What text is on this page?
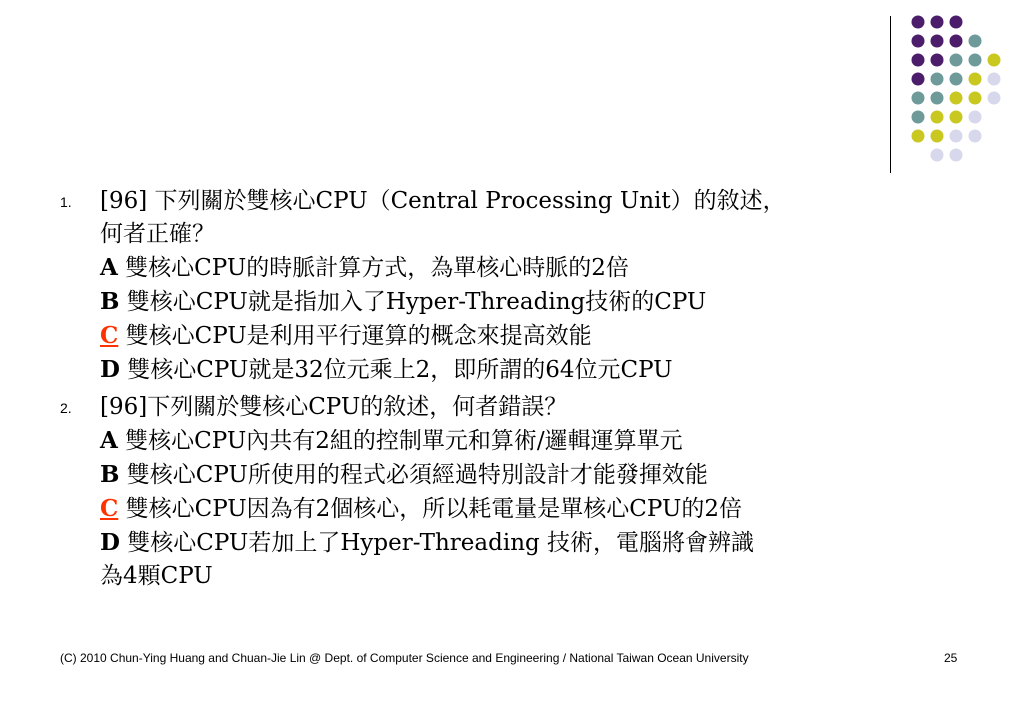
1.	[96] 下列關於雙核心CPU（Central Processing Unit）的敘述，
何者正確？
A 雙核心CPU的時脈計算方式，為單核心時脈的2倍
B 雙核心CPU就是指加入了Hyper-Threading技術的CPU
C 雙核心CPU是利用平行運算的概念來提高效能
D 雙核心CPU就是32位元乘上2，即所謂的64位元CPU
2.	[96]下列關於雙核心CPU的敘述，何者錯誤？
A 雙核心CPU內共有2組的控制單元和算術/邏輯運算單元
B 雙核心CPU所使用的程式必須經過特別設計才能發揮效能
C 雙核心CPU因為有2個核心，所以耗電量是單核心CPU的2倍
D 雙核心CPU若加上了Hyper-Threading 技術，電腦將會辨識
為4顆CPU
(C) 2010 Chun-Ying Huang and Chuan-Jie Lin @ Dept. of Computer Science and Engineering / National Taiwan Ocean University	25
